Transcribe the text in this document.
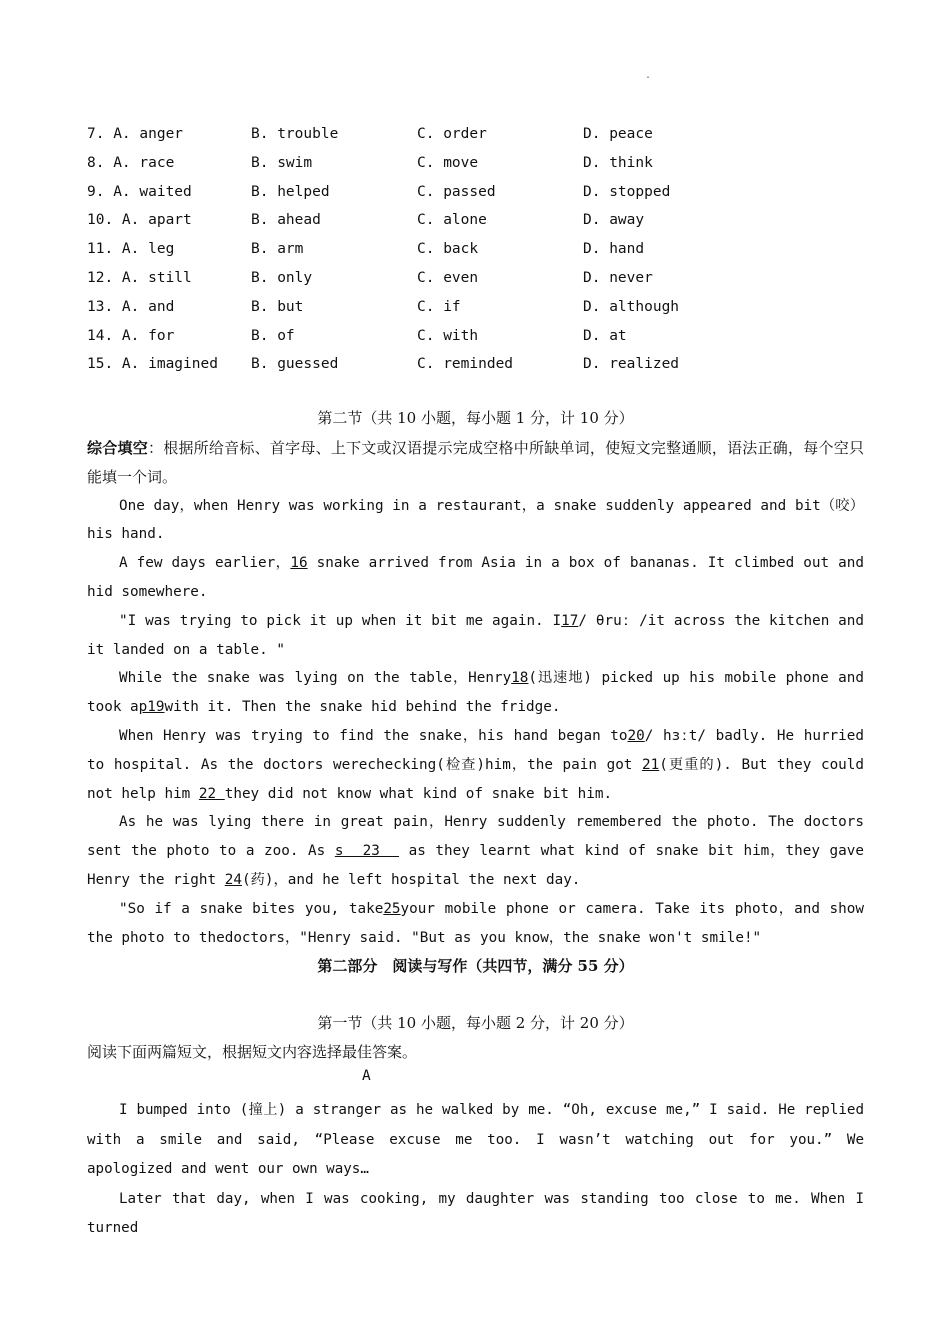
.
7. A. anger	B. trouble	C. order	D. peace
8. A. race	B. swim	C. move	D. think
9. A. waited	B. helped	C. passed	D. stopped
10. A. apart	B. ahead	C. alone	D. away
11. A. leg	B. arm	C. back	D. hand
12. A. still	B. only	C. even	D. never
13. A. and	B. but	C. if	D. although
14. A. for	B. of	C. with	D. at
15. A. imagined B. guessed	C. reminded	D. realized
第二节（共 10 小题，每小题 1 分，计 10 分）
综合填空：根据所给音标、首字母、上下文或汉语提示完成空格中所缺单词，使短文完整通顺，语法正确，每个空只能填一个词。

One day，when Henry was working in a restaurant，a snake suddenly appeared and bit（咬） his hand.

A few days earlier，16 snake arrived from Asia in a box of bananas. It climbed out and hid somewhere.

"I was trying to pick it up when it bit me again. I17/ θruː /it across the kitchen and it landed on a table. "

While the snake was lying on the table，Henry18(迅速地) picked up his mobile phone and took ap19with it. Then the snake hid behind the fridge.

When Henry was trying to find the snake，his hand began to20/ hɜːt/ badly. He hurried to hospital. As the doctors werechecking(检查)him，the pain got 21(更重的). But they could not help him 22 they did not know what kind of snake bit him.

As he was lying there in great pain，Henry suddenly remembered the photo. The doctors sent the photo to a zoo. As s  23   as they learnt what kind of snake bit him，they gave Henry the right 24(药)，and he left hospital the next day.

"So if a snake bites you, take25your mobile phone or camera. Take its photo，and show the photo to thedoctors，"Henry said. "But as you know，the snake won't smile!"

第二部分　阅读与写作（共四节，满分 55 分）
第一节（共 10 小题，每小题 2 分，计 20 分）
阅读下面两篇短文，根据短文内容选择最佳答案。
A

I bumped into (撞上) a stranger as he walked by me. “Oh, excuse me,” I said. He replied with a smile and said, “Please excuse me too. I wasn’t watching out for you.” We apologized and went our own ways…

Later that day, when I was cooking, my daughter was standing too close to me. When I turned
